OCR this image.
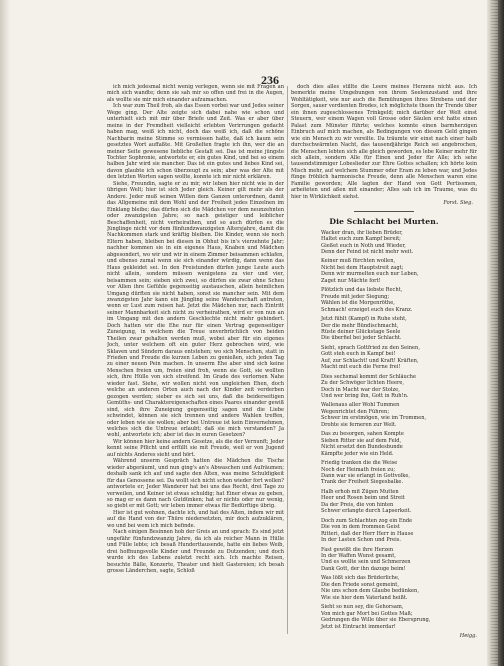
236

ich mich jedesmal nicht wenig verlegen, wenn sie mit Fragen an mich sich wandte; denn sie sah mir so offen und frei in die Augen, als wollte sie mir mich einander aufzumachen.

Ich war zum Theil froh, als das Essen vorbei war und Jedes seiner Wege ging. Der Alte zeigte sich dabei nahe wie schon und unterhielt sich mit mir über Briefe und Zeit. Was er aber über meine in der Fremdheit vielleicht erlebten Verirrungen gedacht haben mag, weiß ich nicht, doch das weiß ich, daß die schöne Nachbarin meine Stimme so vermissen hatte, daß ich kaum sein gesetztes Wort auffaßte. Mit Großelten fragte ich ihn, wer die an meiner Seite gewesene liebliche Gestalt sei. Das ist meine jüngste Tochter Sophronie, antwortete er, ein gutes Kind, und bei so einem halben Jahr wird sie mancher. Das ist ein gutes und liebes Kind sei, davon glaubte ich schon überzeugt zu sein; aber was der Alte mit den letzten Worten sagen wollte, konnte ich mir nicht erklären.

Siehe, Freundin, sagte er zu mir, wir leben hier nicht wie in der übrigen Welt; hier ist sich Jeder gleich. Keiner gilt mehr als der Andere. Jeder muß seinen Willen dem Ganzen unterordnen, damit das Allgemeine mit dem Wohl und der Freiheit jedes Einzelnen im Einklang bleibe; das dürfen sich die Mädchen vor dem neunzehnten oder zwanzigsten Jahre; so nach geistiger und leiblicher Beschaffenheit, nicht verheirathen, und so auch dürfen es die Jünglinge nicht vor dem fünfundzwanzigsten Altersjahre, damit die Nachkommen stark und kräftig bleiben. Die Kinder, wenn sie noch Eltern haben, bleiben bei diesen in Obhut bis in's vierzehnte Jahr; nachher kommen sie in ein eigenes Haus, Knaben und Mädchen abgesondert, wo wir und wir in einem Zimmer beisammen schlafen, und ebenso zumal wenn sie sich einander würdig, dann wenn das Haus gekleidet sei. In den Freistunden dürfen junge Leute auch nicht allein, sondern müssen wenigstens zu vier und vier, beisammen sein; sieben sich zwei, so dürfen sie zwar ohne Scheu vor Allen ihre Gefühle gegenseitig austauschen, allein heimlichen Umgang dürften sie nicht haben, sonst sie mancher sein. Mit dem zwanzigsten Jahr kann ein Jüngling seine Wanderschaft antreten, wenn er Lust zum reisen hat. Jetzt die Mädchen nur, nach Eintritt seiner Mannbarkeit sich nicht zu verheirathen, wird er von nun an im Umgang mit den andern Geschlechte nicht mehr gehindert. Doch hatten wir die Ehe nur für einen Vertrag gegenseitiger Zuneigung, in welchem die Treue unverbrüchlich von beiden Theilen zwar gehalten werden muß, wobei aber für ein eigenes Joch, unter welchem oft ein guter Herz gebrochen wird, wie Sklaven und Sündern daraus entstehen; wo sich Menschen, statt in Frieden und Freude die kurzen Leben zu genießen, sich jeden Tag zu einer neuen Pein machen. In unserm Ehe aber sind sich keine Menschen freien um, freien sind froh, wenn sie Gott, sie wollten sich, ihre Hülle von sich streifend. Im Grade des verlornen Nahe wieder fast. Siehe, wir wollen nicht von ungleichen Ehen, doch welche an anderen Orten auch nach der Kinder zeit verderben gezogen werden; sieber es sich sei uns, daß die beiderseitigen Gemüths- und Charaktereigenschaften eines Paares einander gewiß sind, sich ihre Zuneigung gegenseitig sagen und die Liebe schwindet, können sie sich trennen und andere Wahlen treffen, oder leben wie sie wollen; aber bei Untreue ist kein Einvernehmen, welches sich die Untreue erlaubt; daß sie mich verstanden? Ja wohl, antwortete ich; aber ist das in euren Gesetzen?

Wir können hier keine andern Gesetze, als die der Vernunft; Jeder kennt seine Pflicht und erfüllt sie mit Freude, weil er von Jugend auf nichts Anderes sieht und hört.

Während unserm Gespräch hatten die Mädchen die Tische wieder abgeräumt, und nun ging's an's Abwaschen und Aufräumen; deshalb sank ich auf und sagte den Alten, was meine Schuldigkeit für das Genossene sei. Da wollt sich nicht schon wieder fort wollen? antwortete er; Jeder Wanderer hat bei uns das Recht, drei Tage zu verweilen, und Keiner ist etwas schuldig; hat Einer etwas zu geben, so mag er es dann nach Gutdünken; hat er nichts oder nur wenig, so giebt er mit Gott; wir leben immer etwas für Bedürftige übrig.

Hier ist gut wohnen, dachte ich, und hat des Alten, indem wir mit auf die Hand von der Thüre niedersetzten, mir doch aufzuklären, wo und bei wem ich mich befinde.

Nach einigen Besinnen hob der Greis an und sprach: Es sind jetzt ungefähr fünfundzwanzig Jahre, da ich als reicher Mann in Hülle und Fülle lebte; ich besaß Hunderttausende, hatte ein liebes Weib, drei hoffnungsvolle Kinder und Freunde zu Dutzenden; und doch wurde ich des Lebens zuletzt recht sich. Ich machte Reisen, besuchte Bälle, Konzerte, Theater und hielt Gastereien; ich besah grosse Länderchen, sagte, Schloß

doch dies alles stillte die Leere meines Herzens nicht aus. Ich bemerkte meine Umgebungen von ihrem Seelenzustand und ihre Wohltätigkeit, wie nur auch die Bemühungen ihres Strebens und der Sorgen, sauer verdienten Brodes, ich möglichste thuen ihr Trende über ein ihnen zugeschlossenes Trinkgeld; mich darüber der Welt einst Steuern, wer einem Wagen voll Grosse oder Säulen erst hatte einen Palast zum Münster führte; welches komnte einen barmherzigen Einbruch auf mich machen, als Bedingungen von diesem Geld gingen wie ein Mensch zu wir vereilte. Da träumte wir einst nach einer halb durchschwärmten Nacht, das tausendjährige Reich sei angebrochen, die Menschen lebten sich alle gleich geworden, es lebe Keiner mehr für sich allein, sondern Alle für Einen und Jeder für Alle; ich sehe tausendstimmiger Lobeslieder zur Ehre Gottes schallen; ich hörte kein Misch mehr, auf welchem Stummer oder Eram zu leben war, und Jedes fünge fröhlich harmonische Freude, denn alle Menschen waren eine Familie geworden; Alle lagten der Hand von Gott Pertissmen, arbeiteten und aßen mit einander; Alles sah ich im Traume, was du hier in Wirklichkeit siehst.

Forst. Sieg.

Die Schlacht bei Murten.
Wacker dran, ihr lieben Brüder,
Haltet euch zum Kampf bereit;
Gießet euch in Noth und Wieder,
Denn der Feind ist nicht mehr weit.
Keiner muß fürchten wollen,
Nicht bei dem Hauptstreit zagt;
Denn wir murmelten euch nur Leben,
Zaget nur Mächte fort!
Plötzlich und das liebste Recht,
Freude mit jeder Siegung;
Wählen ist die Morgenröthe,
Schmach! erzeiget euch des Kranz.
Jetzt fühlt (Kampf) in Ruhe steht,
Der die mehr Bündischmacht,
Rüste deiner Glückstage Seele
Die überfiel bei jeder Schlacht.
Sieht, sprach Gottfried zu den Seinen,
Gott steh euch in Kampf bei!
Auf, zur Schlacht! und Kraft! Kräften,
Macht mit euch die Ferne frei!
Dies sechsmal kommt der Schläuche
Zu der Schwöger lichten Heere,
Doch in Macht war der Stolze,
Und wer bring ihn, Gott in Ruh!n.
Wallenaus aller Wohl Tummen
Wegenrichtet den Führen;
Schwer im erstmögen, wie im Trommen,
Drohte sie ferneren zur Welt.
Das zu besorgen, sahen Kompte
Sieben Ritter sie auf dem Feld,
Nicht ersetzt den Bundesbunde
Kämpfte jeder wie ein Held.
Friedig tranken die die Weise
Noch der Heimath freien zu;
Dann war sie erlangt in Gottvolke,
Trank der Freiheit Siegesbalke.
Halb erhob mit Zügen Mutten
Heer und Rosen beim und Streit
Da der Preis, die von hinten
Schwer erlangte durch Lapserkeit.
Doch zum Schlachten zog ein Ende
Die von in dem frommen Geist
Ritteri, daß der Herr Herr in Hause
In der Lasten Schon und Preis.
Fast gewißt die ihre Herzen
In der Waffen Wunst gesamt,
Und es wollte sein und Schmerzen
Dank Gott, der ihn dazuge beim!
Was lößt sich das Brüderliche,
Die den Friede sonst gemeint,
Nie uns schon dem Glaube bedünken,
Wie sie hier dem Vaterland heißt.
Sieht so nun sey, die Gehorsam,
Von mich gar Mort bei Gottes Maß;
Gedrungen die Wille über sie Ebersprung,
Jetzt ist Eintracht immerdar!

Heigg.
